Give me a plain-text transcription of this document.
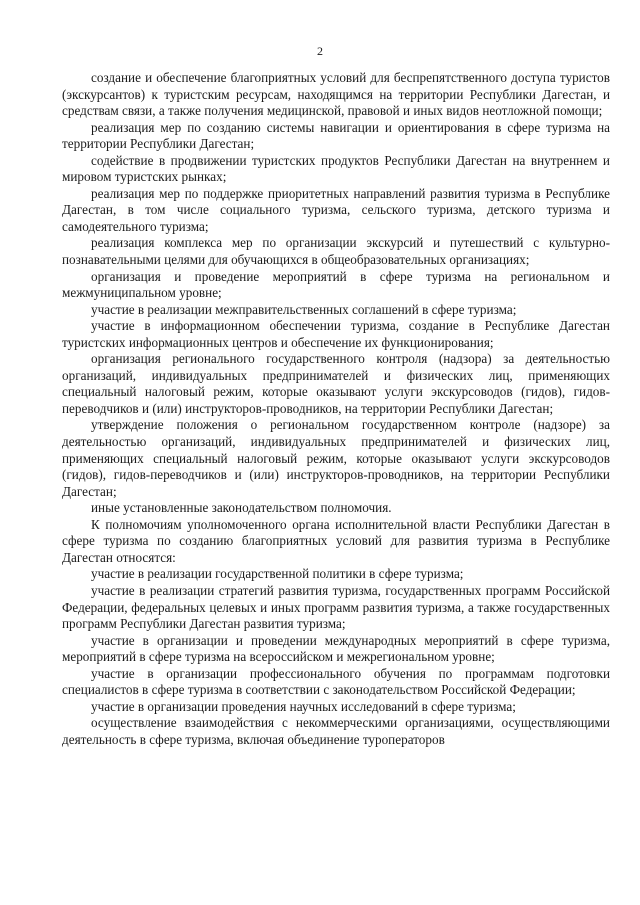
2

создание и обеспечение благоприятных условий для беспрепятственного доступа туристов (экскурсантов) к туристским ресурсам, находящимся на территории Республики Дагестан, и средствам связи, а также получения медицинской, правовой и иных видов неотложной помощи;

реализация мер по созданию системы навигации и ориентирования в сфере туризма на территории Республики Дагестан;

содействие в продвижении туристских продуктов Республики Дагестан на внутреннем и мировом туристских рынках;

реализация мер по поддержке приоритетных направлений развития туризма в Республике Дагестан, в том числе социального туризма, сельского туризма, детского туризма и самодеятельного туризма;

реализация комплекса мер по организации экскурсий и путешествий с культурно-познавательными целями для обучающихся в общеобразовательных организациях;

организация и проведение мероприятий в сфере туризма на региональном и межмуниципальном уровне;

участие в реализации межправительственных соглашений в сфере туризма;

участие в информационном обеспечении туризма, создание в Республике Дагестан туристских информационных центров и обеспечение их функционирования;

организация регионального государственного контроля (надзора) за деятельностью организаций, индивидуальных предпринимателей и физических лиц, применяющих специальный налоговый режим, которые оказывают услуги экскурсоводов (гидов), гидов-переводчиков и (или) инструкторов-проводников, на территории Республики Дагестан;

утверждение положения о региональном государственном контроле (надзоре) за деятельностью организаций, индивидуальных предпринимателей и физических лиц, применяющих специальный налоговый режим, которые оказывают услуги экскурсоводов (гидов), гидов-переводчиков и (или) инструкторов-проводников, на территории Республики Дагестан;

иные установленные законодательством полномочия.

К полномочиям уполномоченного органа исполнительной власти Республики Дагестан в сфере туризма по созданию благоприятных условий для развития туризма в Республике Дагестан относятся:

участие в реализации государственной политики в сфере туризма;

участие в реализации стратегий развития туризма, государственных программ Российской Федерации, федеральных целевых и иных программ развития туризма, а также государственных программ Республики Дагестан развития туризма;

участие в организации и проведении международных мероприятий в сфере туризма, мероприятий в сфере туризма на всероссийском и межрегиональном уровне;

участие в организации профессионального обучения по программам подготовки специалистов в сфере туризма в соответствии с законодательством Российской Федерации;

участие в организации проведения научных исследований в сфере туризма;

осуществление взаимодействия с некоммерческими организациями, осуществляющими деятельность в сфере туризма, включая объединение туроператоров
